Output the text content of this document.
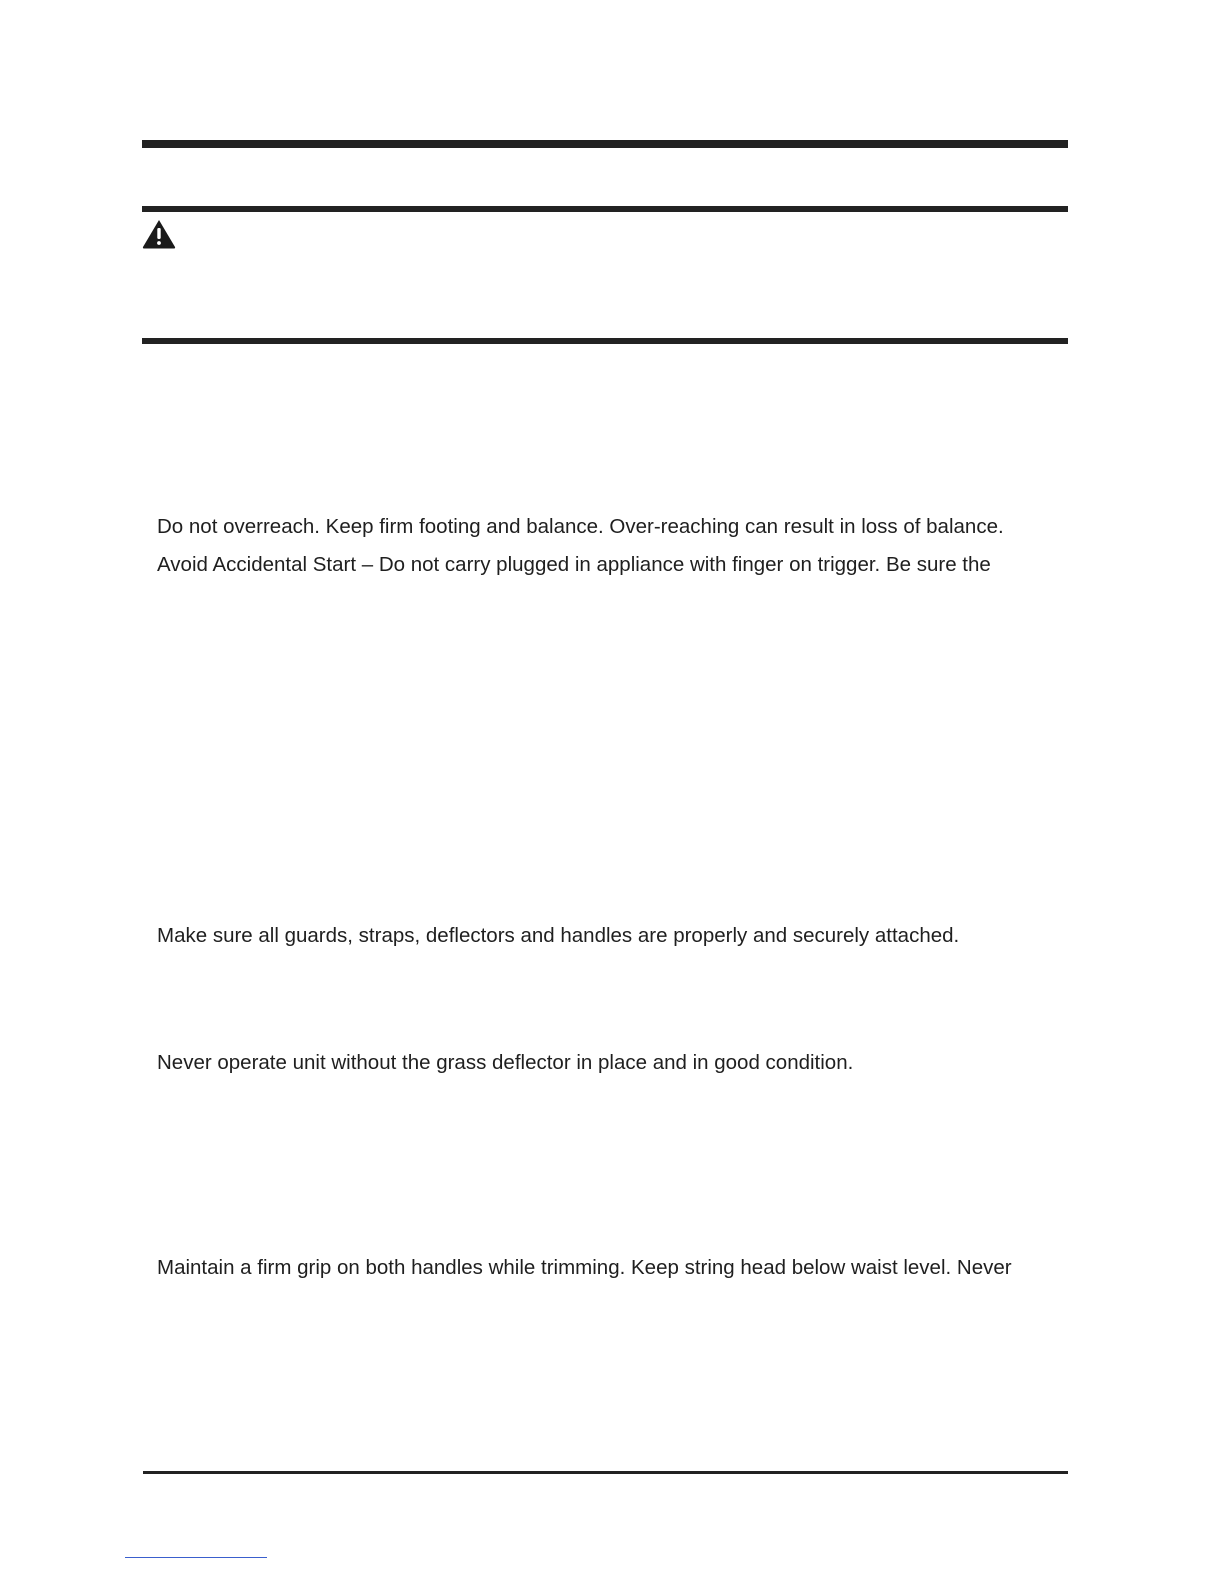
Do not overreach. Keep firm footing and balance. Over-reaching can result in loss of balance.

Avoid Accidental Start – Do not carry plugged in appliance with finger on trigger. Be sure the

Make sure all guards, straps, deflectors and handles are properly and securely attached.

Never operate unit without the grass deflector in place and in good condition.

Maintain a firm grip on both handles while trimming. Keep string head below waist level. Never
